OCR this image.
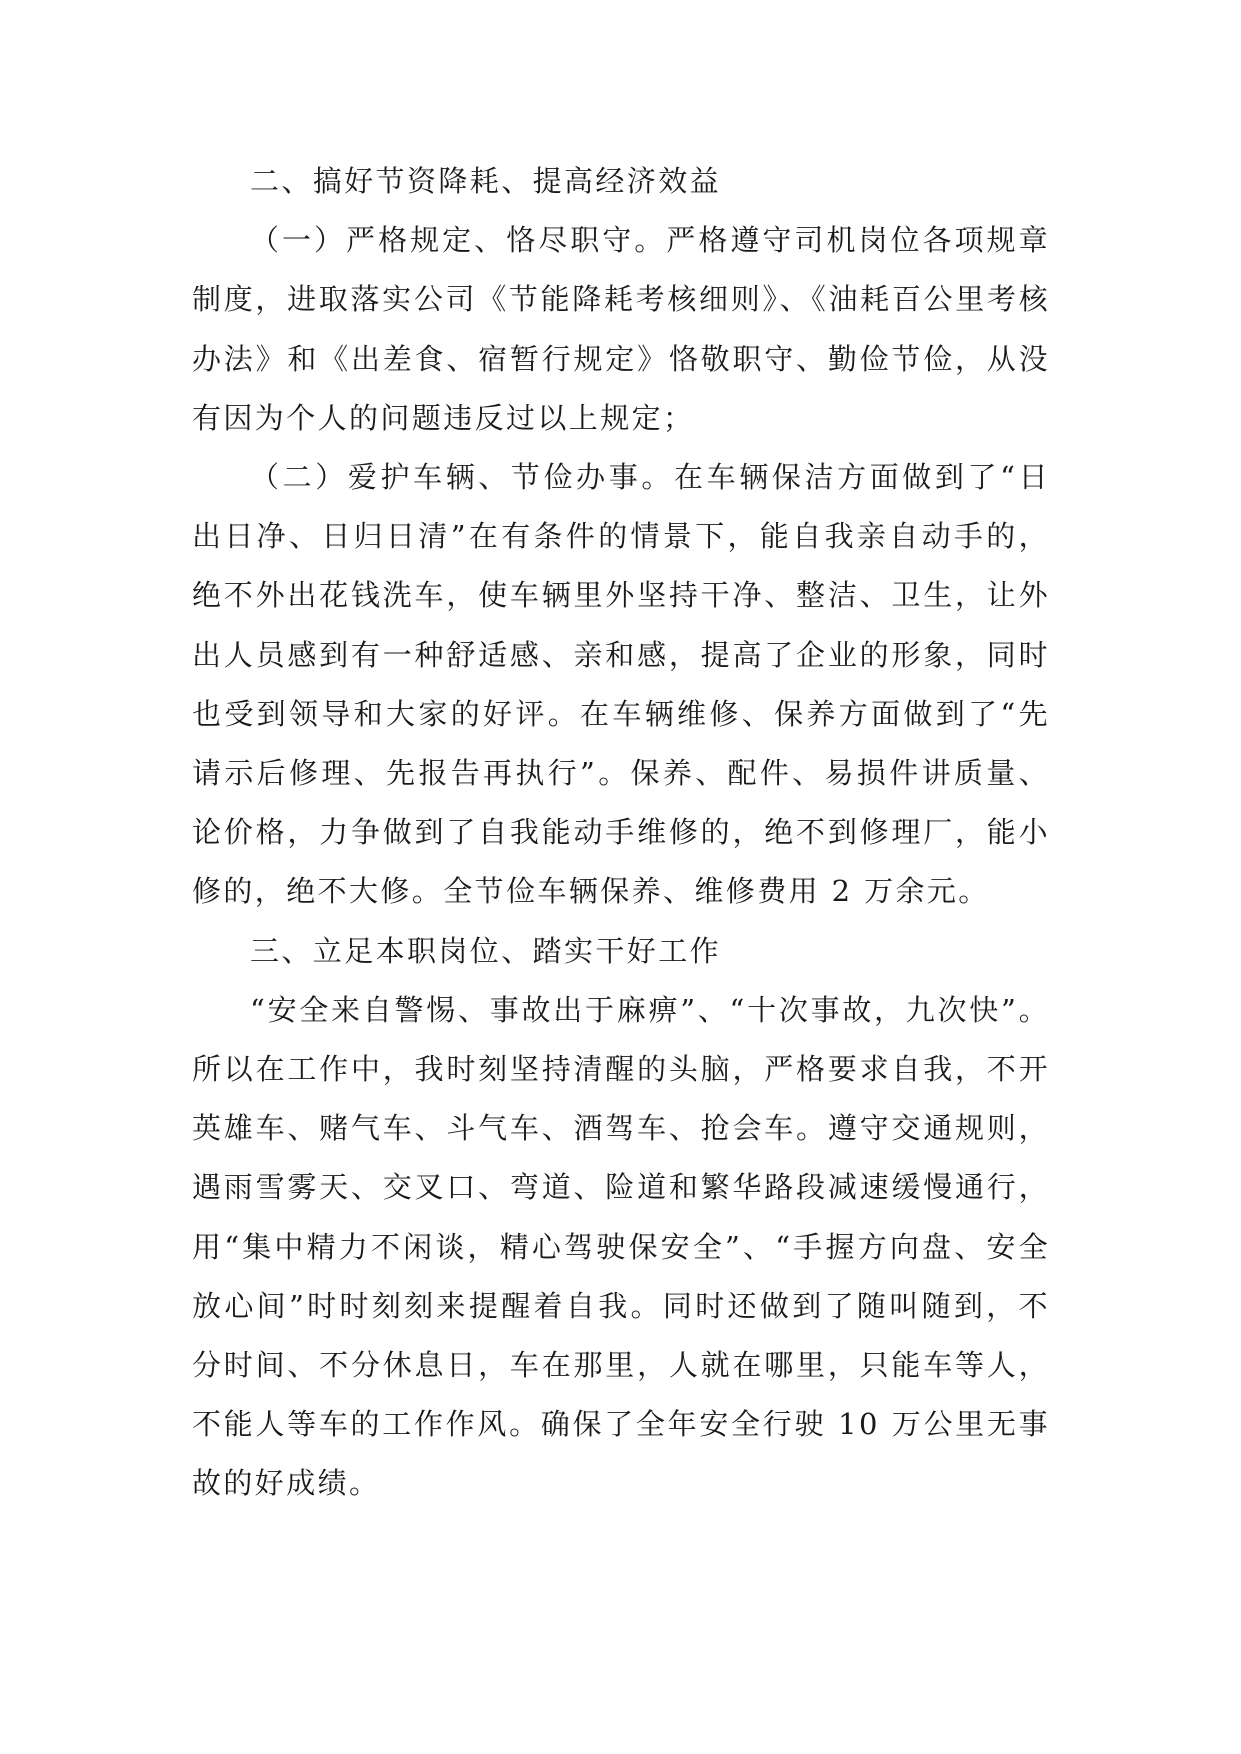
二、搞好节资降耗、提高经济效益

（一）严格规定、恪尽职守。严格遵守司机岗位各项规章制度，进取落实公司《节能降耗考核细则》、《油耗百公里考核办法》和《出差食、宿暂行规定》恪敬职守、勤俭节俭，从没有因为个人的问题违反过以上规定；

（二）爱护车辆、节俭办事。在车辆保洁方面做到了“日出日净、日归日清”在有条件的情景下，能自我亲自动手的，绝不外出花钱洗车，使车辆里外坚持干净、整洁、卫生，让外出人员感到有一种舒适感、亲和感，提高了企业的形象，同时也受到领导和大家的好评。在车辆维修、保养方面做到了“先请示后修理、先报告再执行”。保养、配件、易损件讲质量、论价格，力争做到了自我能动手维修的，绝不到修理厂，能小修的，绝不大修。全节俭车辆保养、维修费用 2 万余元。

三、立足本职岗位、踏实干好工作

“安全来自警惕、事故出于麻痹”、“十次事故，九次快”。所以在工作中，我时刻坚持清醒的头脑，严格要求自我，不开英雄车、赌气车、斗气车、酒驾车、抢会车。遵守交通规则，遇雨雪雾天、交叉口、弯道、险道和繁华路段减速缓慢通行，用“集中精力不闲谈，精心驾驶保安全”、“手握方向盘、安全放心间”时时刻刻来提醒着自我。同时还做到了随叫随到，不分时间、不分休息日，车在那里，人就在哪里，只能车等人，不能人等车的工作作风。确保了全年安全行驶 10 万公里无事故的好成绩。
